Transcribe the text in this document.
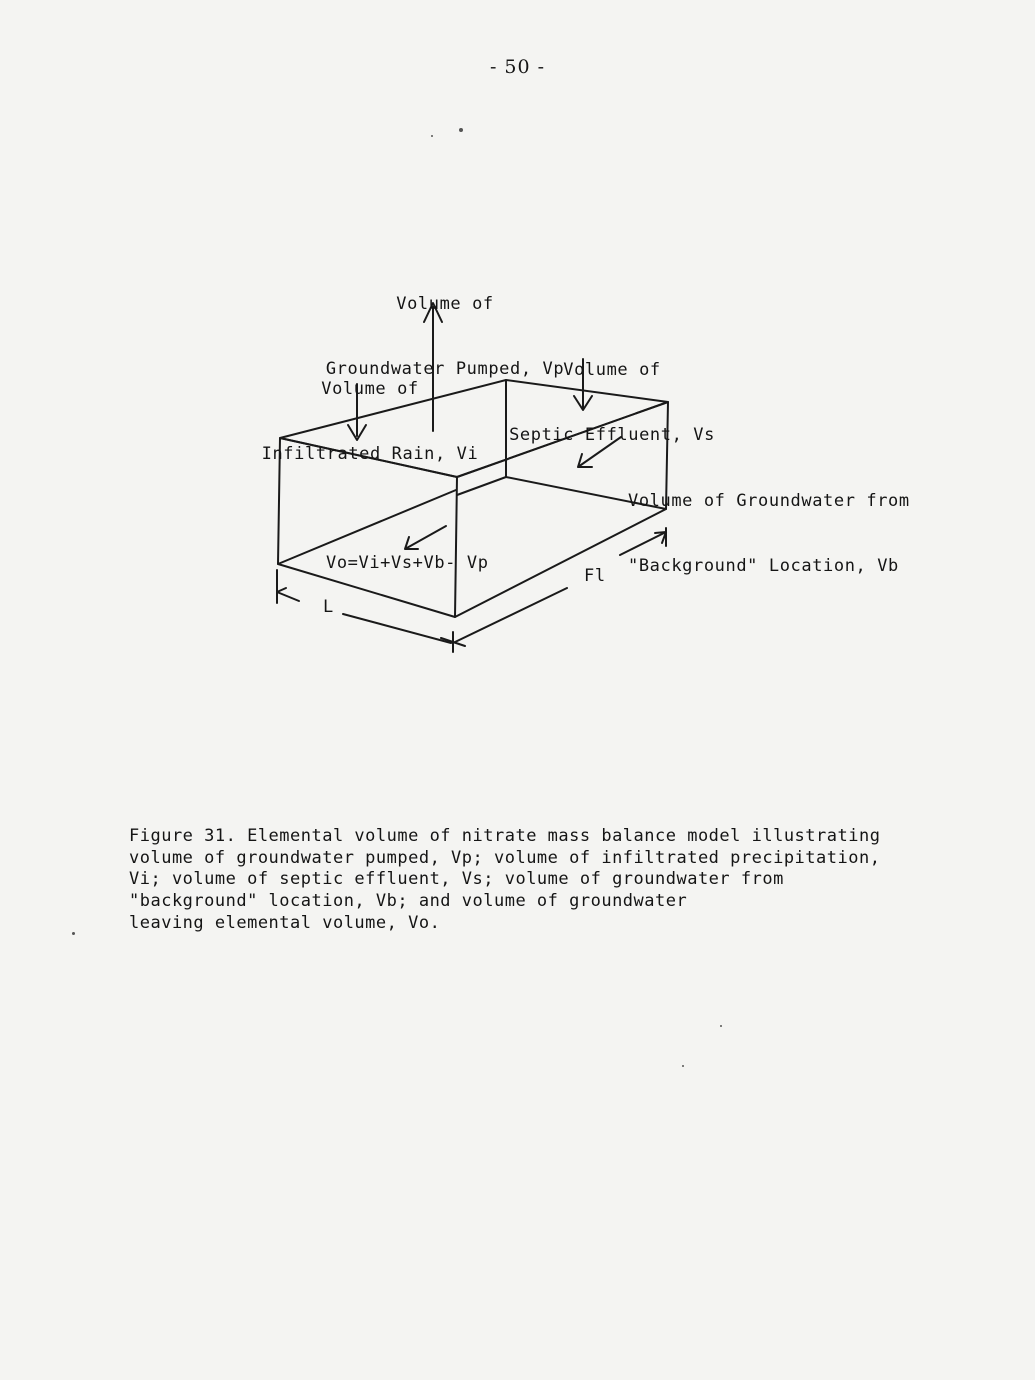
- 50 -

Volume of

Groundwater Pumped, Vp

Volume of

Infiltrated Rain, Vi

Volume of

Septic Effluent, Vs

Volume of Groundwater from

"Background" Location, Vb

Vo=Vi+Vs+Vb- Vp
L
Fl

Figure 31. Elemental volume of nitrate mass balance model illustrating

volume of groundwater pumped, Vp; volume of infiltrated precipitation,

Vi; volume of septic effluent, Vs; volume of groundwater from

"background" location, Vb; and volume of groundwater

leaving elemental volume, Vo.
